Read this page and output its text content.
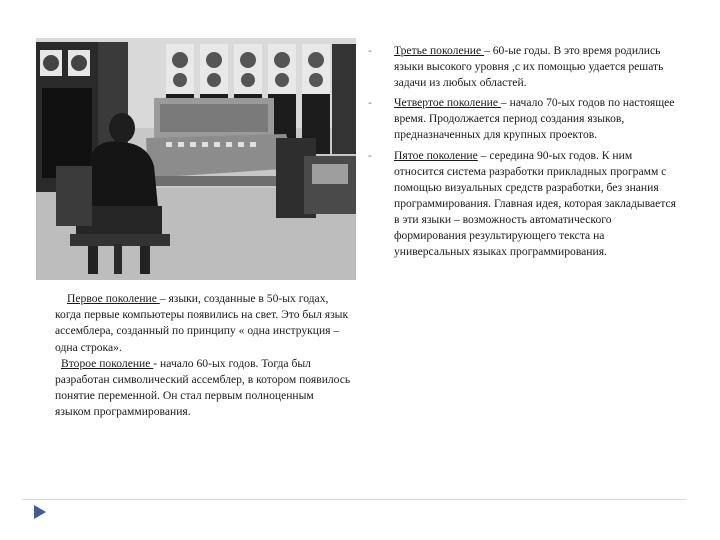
Первое поколение – языки, созданные в 50-ых годах, когда первые компьютеры появились на свет. Это был язык ассемблера, созданный по принципу « одна инструкция – одна строка».

Второе поколение - начало 60-ых годов. Тогда был разработан символический ассемблер, в котором появилось понятие переменной. Он стал первым полноценным языком программирования.

- Третье поколение – 60-ые годы. В это время родились языки высокого уровня ,с их помощью удается решать задачи из любых областей.
- Четвертое поколение – начало 70-ых годов по настоящее время. Продолжается период создания языков, предназначенных для крупных проектов.
- Пятое поколение – середина 90-ых годов. К ним относится система разработки прикладных программ с помощью визуальных средств разработки, без знания программирования. Главная идея, которая закладывается в эти языки – возможность автоматического формирования результирующего текста на универсальных языках программирования.
